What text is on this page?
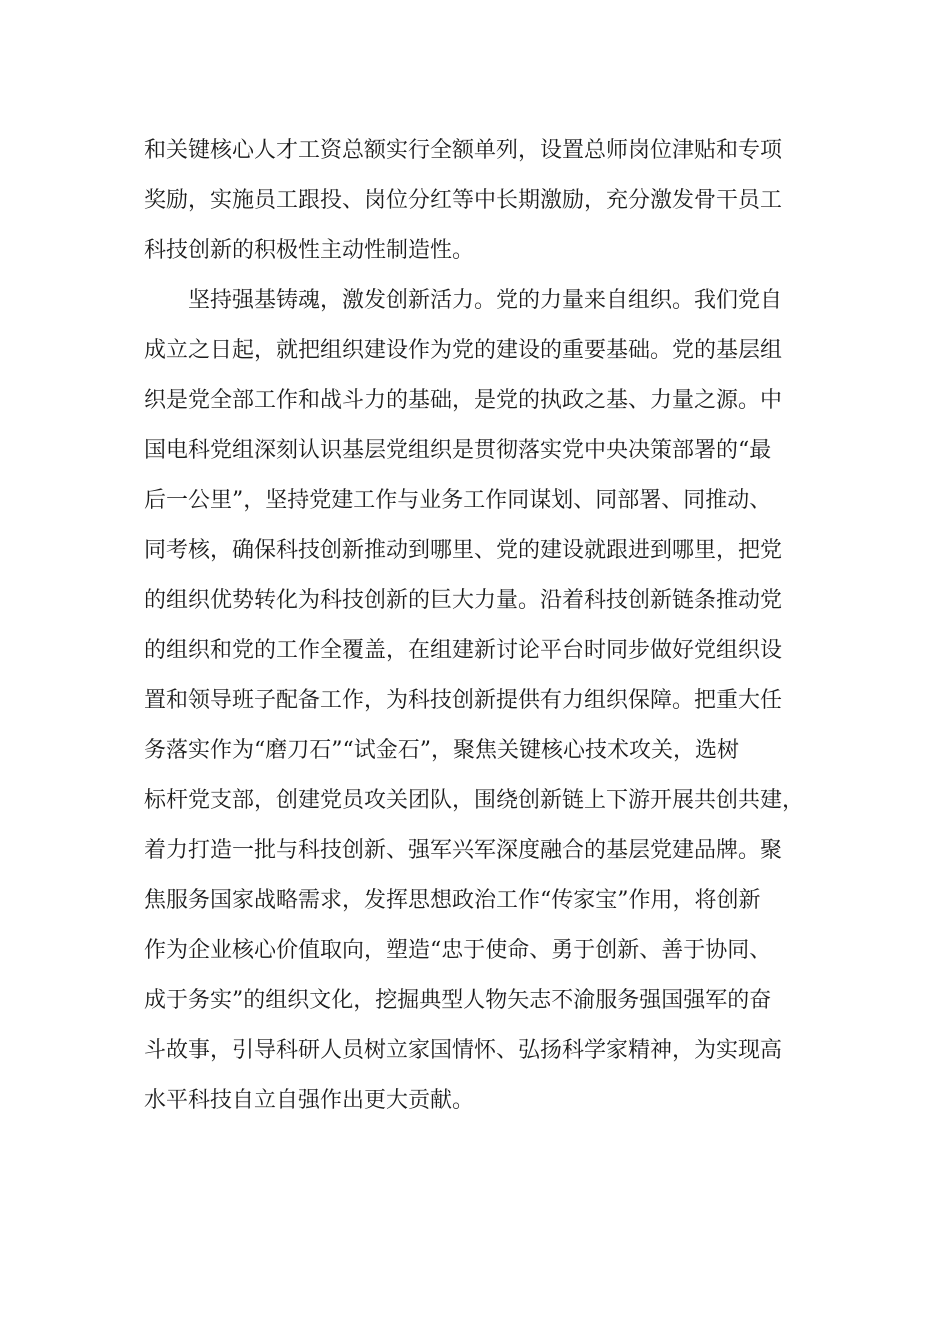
和关键核心人才工资总额实行全额单列，设置总师岗位津贴和专项
奖励，实施员工跟投、岗位分红等中长期激励，充分激发骨干员工
科技创新的积极性主动性制造性。
　　坚持强基铸魂，激发创新活力。党的力量来自组织。我们党自
成立之日起，就把组织建设作为党的建设的重要基础。党的基层组
织是党全部工作和战斗力的基础，是党的执政之基、力量之源。中
国电科党组深刻认识基层党组织是贯彻落实党中央决策部署的“最
后一公里”，坚持党建工作与业务工作同谋划、同部署、同推动、
同考核，确保科技创新推动到哪里、党的建设就跟进到哪里，把党
的组织优势转化为科技创新的巨大力量。沿着科技创新链条推动党
的组织和党的工作全覆盖，在组建新讨论平台时同步做好党组织设
置和领导班子配备工作，为科技创新提供有力组织保障。把重大任
务落实作为“磨刀石”“试金石”，聚焦关键核心技术攻关，选树
标杆党支部，创建党员攻关团队，围绕创新链上下游开展共创共建，
着力打造一批与科技创新、强军兴军深度融合的基层党建品牌。聚
焦服务国家战略需求，发挥思想政治工作“传家宝”作用，将创新
作为企业核心价值取向，塑造“忠于使命、勇于创新、善于协同、
成于务实”的组织文化，挖掘典型人物矢志不渝服务强国强军的奋
斗故事，引导科研人员树立家国情怀、弘扬科学家精神，为实现高
水平科技自立自强作出更大贡献。
